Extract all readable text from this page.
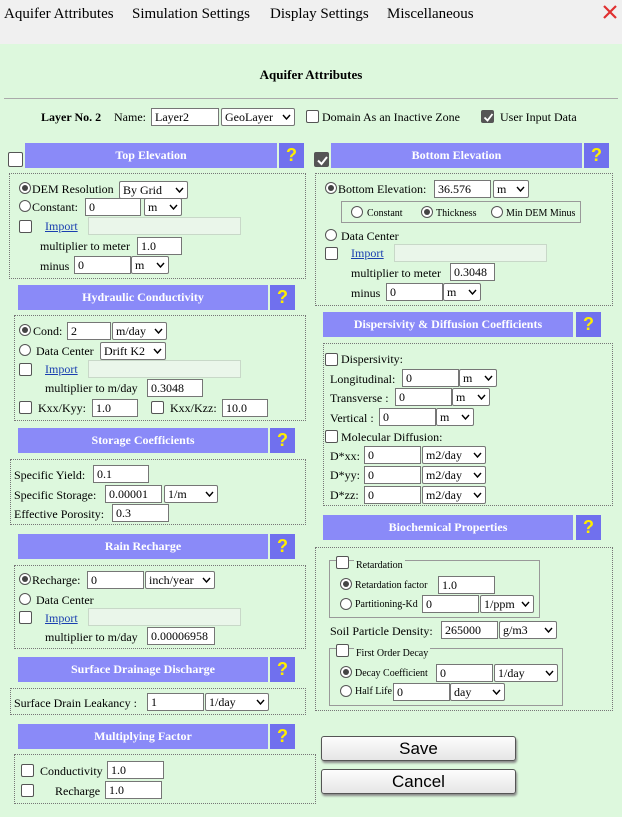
Aquifer Attributes Simulation Settings Display Settings Miscellaneous
Aquifer Attributes
Layer No. 2 Name: Layer2	GeoLayer	Domain As an Inactive Zone	User Input Data
Top Elevation	?
DEM Resolution By Grid
Constant: 0	m
Import
multiplier to meter 1.0
minus 0	m
Bottom Elevation	?
Bottom Elevation: 36.576	m
Constant	Thickness	Min DEM Minus
Data Center
Import
multiplier to meter	0.3048
minus 0	m
Hydraulic Conductivity	?
Cond: 2	m/day
Data Center Drift K2
Import
multiplier to m/day	0.3048
Kxx/Kyy: 1.0	Kxx/Kzz: 10.0
Dispersivity & Diffusion Coefficients	?
Dispersivity:
Longitudinal: 0	m
Transverse : 0	m
Vertical : 0	m
Molecular Diffusion:
D*xx: 0	m2/day
D*yy: 0	m2/day
D*zz: 0	m2/day
Storage Coefficients	?
Specific Yield: 0.1
Specific Storage:	0.00001	1/m
Effective Porosity: 0.3
Biochemical Properties	?
Retardation
Retardation factor	1.0
Partitioning-Kd 0	1/ppm
Soil Particle Density:	265000	g/m3
First Order Decay
Decay Coefficient	0	1/day
Half Life 0	day
Rain Recharge	?
Recharge: 0	inch/year
Data Center
Import
multiplier to m/day	0.00006958
Surface Drainage Discharge	?
Surface Drain Leakancy :	1	1/day
Multiplying Factor	?
Conductivity 1.0
Recharge 1.0
Save
Cancel
